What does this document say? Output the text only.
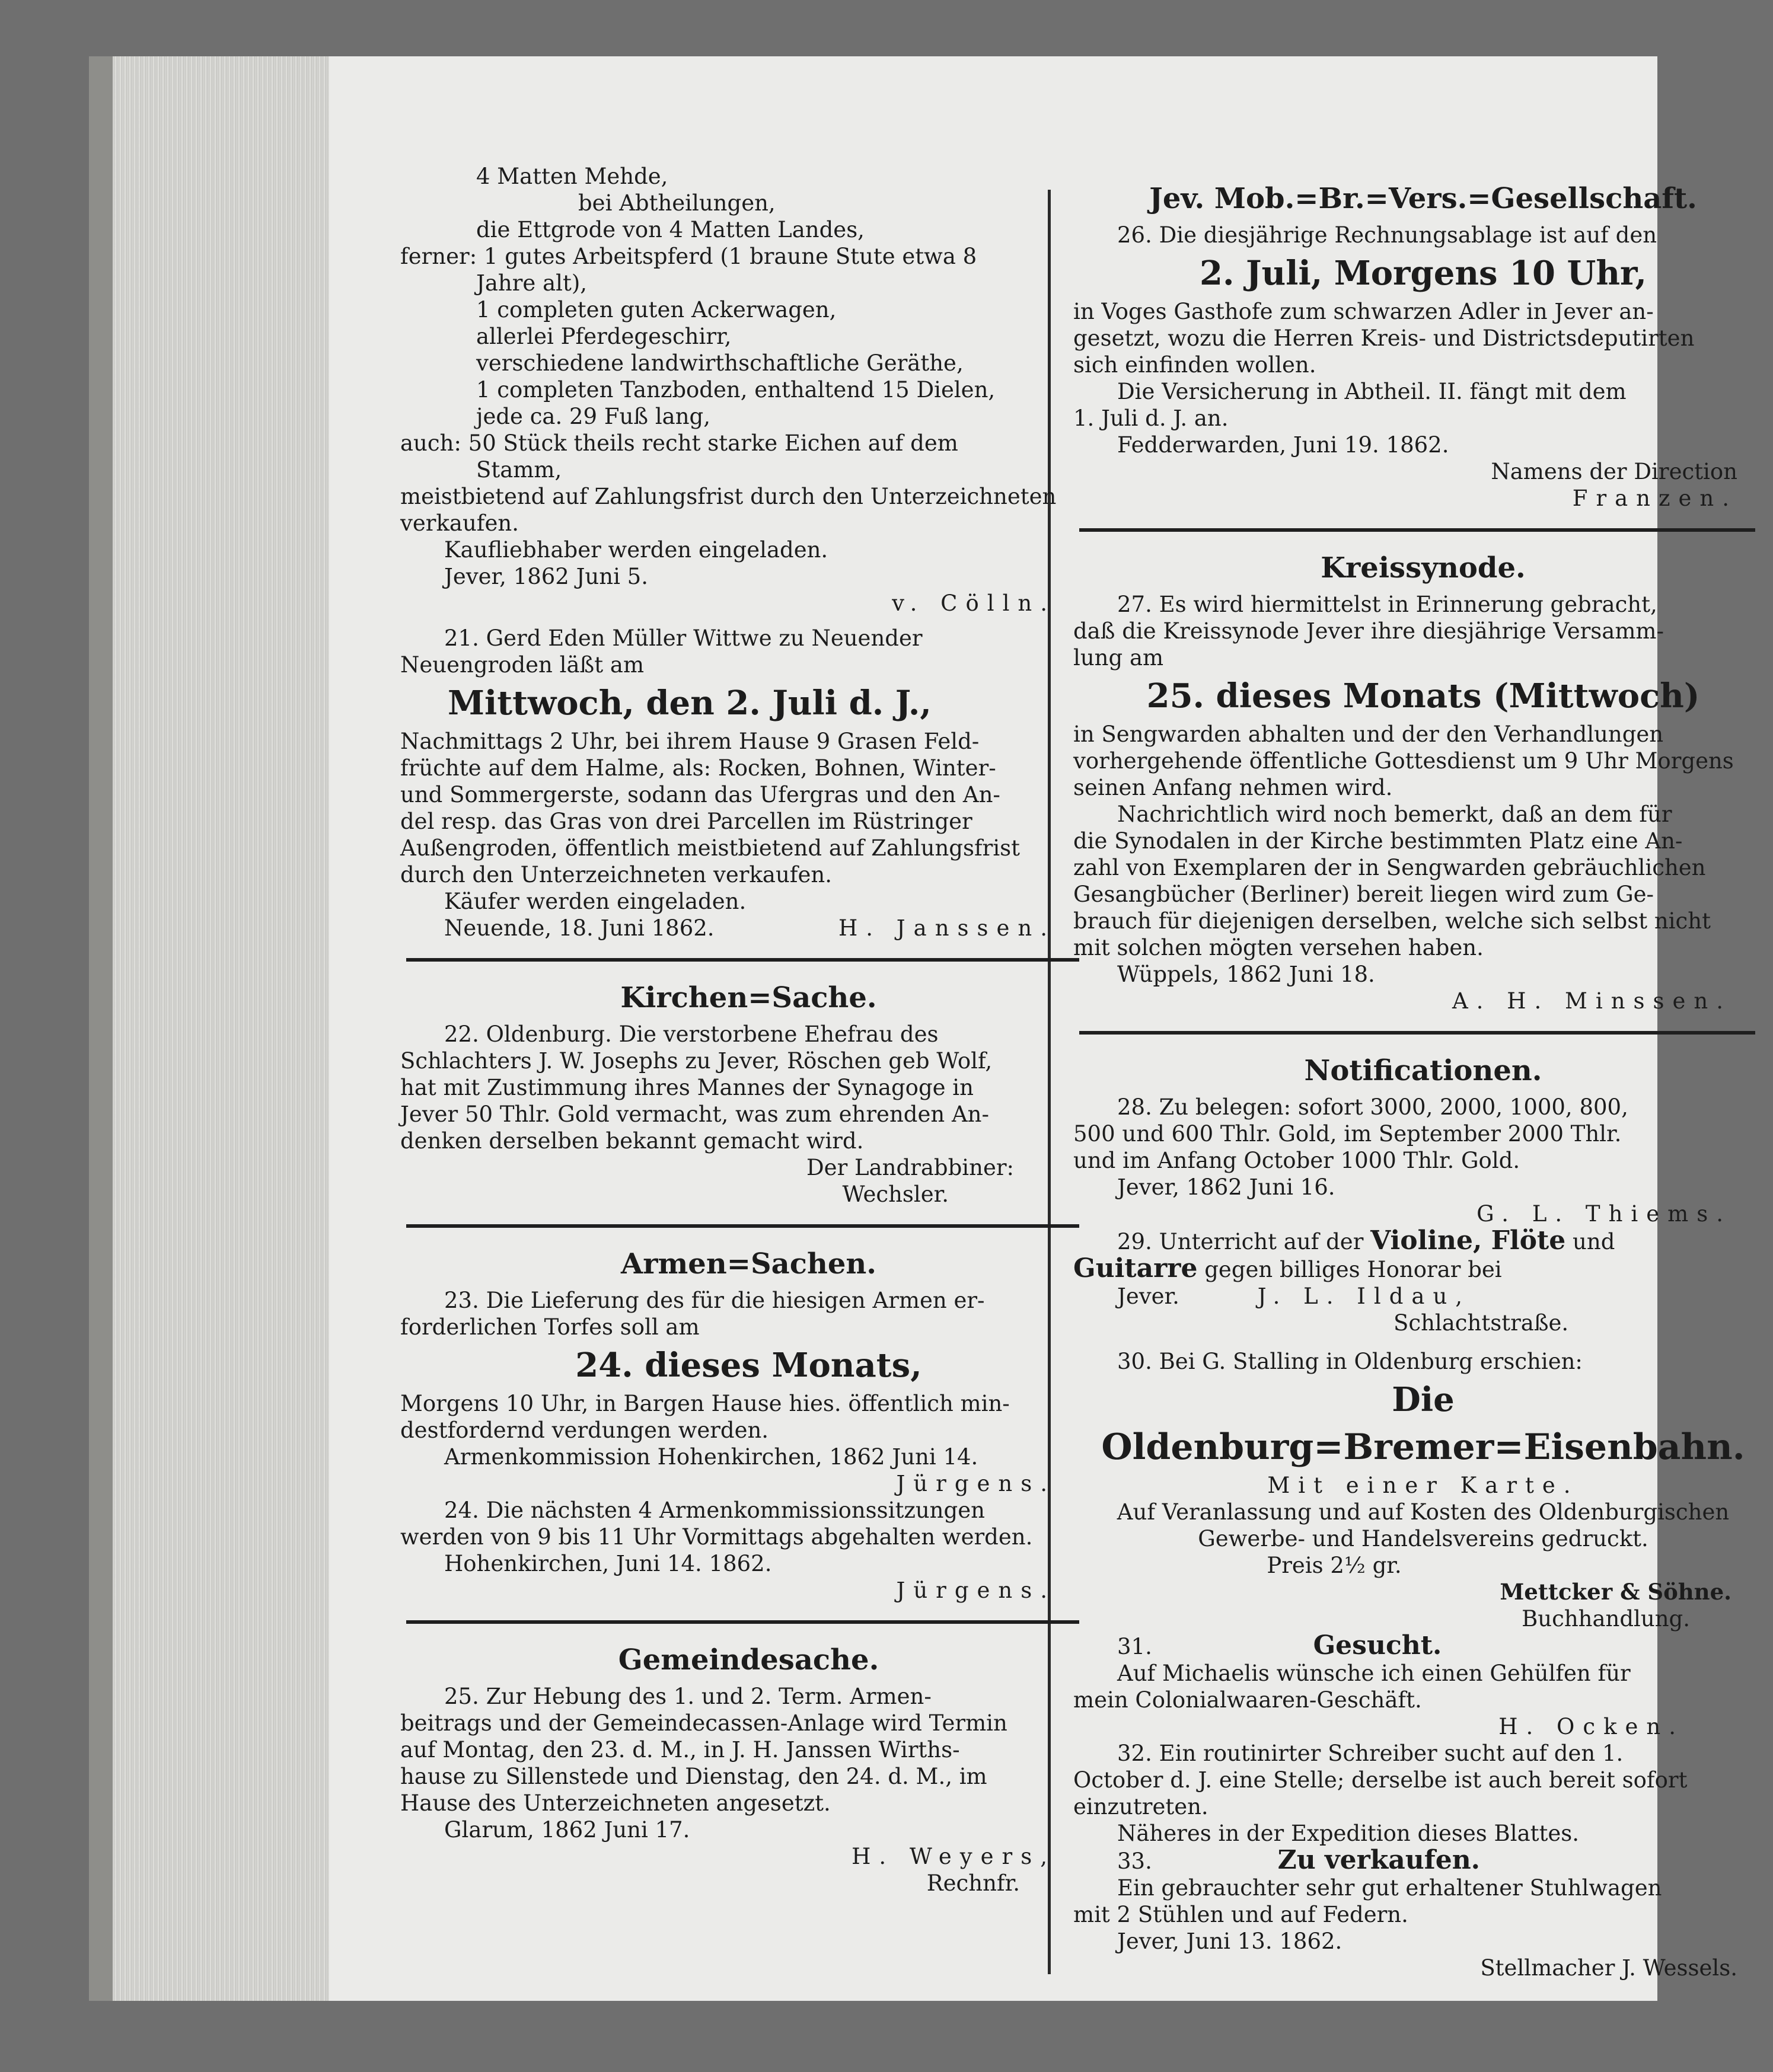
4 Matten Mehde,

bei Abtheilungen,

die Ettgrode von 4 Matten Landes,

ferner: 1 gutes Arbeitspferd (1 braune Stute etwa 8

Jahre alt),

1 completen guten Ackerwagen,

allerlei Pferdegeschirr,

verschiedene landwirthschaftliche Geräthe,

1 completen Tanzboden, enthaltend 15 Dielen,

jede ca. 29 Fuß lang,

auch: 50 Stück theils recht starke Eichen auf dem

Stamm,

meistbietend auf Zahlungsfrist durch den Unterzeichneten

verkaufen.

Kaufliebhaber werden eingeladen.

Jever, 1862 Juni 5.

v. Cölln.

21. Gerd Eden Müller Wittwe zu Neuender

Neuengroden läßt am

Mittwoch, den 2. Juli d. J.,

Nachmittags 2 Uhr, bei ihrem Hause 9 Grasen Feld-

früchte auf dem Halme, als: Rocken, Bohnen, Winter-

und Sommergerste, sodann das Ufergras und den An-

del resp. das Gras von drei Parcellen im Rüstringer

Außengroden, öffentlich meistbietend auf Zahlungsfrist

durch den Unterzeichneten verkaufen.

Käufer werden eingeladen.

Neuende, 18. Juni 1862.	H. Janssen.

Kirchen=Sache.

22. Oldenburg. Die verstorbene Ehefrau des

Schlachters J. W. Josephs zu Jever, Röschen geb Wolf,

hat mit Zustimmung ihres Mannes der Synagoge in

Jever 50 Thlr. Gold vermacht, was zum ehrenden An-

denken derselben bekannt gemacht wird.

Der Landrabbiner:

Wechsler.

Armen=Sachen.

23. Die Lieferung des für die hiesigen Armen er-

forderlichen Torfes soll am

24. dieses Monats,

Morgens 10 Uhr, in Bargen Hause hies. öffentlich min-

destfordernd verdungen werden.

Armenkommission Hohenkirchen, 1862 Juni 14.

Jürgens.

24. Die nächsten 4 Armenkommissionssitzungen

werden von 9 bis 11 Uhr Vormittags abgehalten werden.

Hohenkirchen, Juni 14. 1862.

Jürgens.

Gemeindesache.

25. Zur Hebung des 1. und 2. Term. Armen-

beitrags und der Gemeindecassen-Anlage wird Termin

auf Montag, den 23. d. M., in J. H. Janssen Wirths-

hause zu Sillenstede und Dienstag, den 24. d. M., im

Hause des Unterzeichneten angesetzt.

Glarum, 1862 Juni 17.

H. Weyers,

Rechnfr.

Jev. Mob.=Br.=Vers.=Gesellschaft.

26. Die diesjährige Rechnungsablage ist auf den

2. Juli, Morgens 10 Uhr,

in Voges Gasthofe zum schwarzen Adler in Jever an-

gesetzt, wozu die Herren Kreis- und Districtsdeputirten

sich einfinden wollen.

Die Versicherung in Abtheil. II. fängt mit dem

1. Juli d. J. an.

Fedderwarden, Juni 19. 1862.

Namens der Direction

Franzen.

Kreissynode.

27. Es wird hiermittelst in Erinnerung gebracht,

daß die Kreissynode Jever ihre diesjährige Versamm-

lung am

25. dieses Monats (Mittwoch)

in Sengwarden abhalten und der den Verhandlungen

vorhergehende öffentliche Gottesdienst um 9 Uhr Morgens

seinen Anfang nehmen wird.

Nachrichtlich wird noch bemerkt, daß an dem für

die Synodalen in der Kirche bestimmten Platz eine An-

zahl von Exemplaren der in Sengwarden gebräuchlichen

Gesangbücher (Berliner) bereit liegen wird zum Ge-

brauch für diejenigen derselben, welche sich selbst nicht

mit solchen mögten versehen haben.

Wüppels, 1862 Juni 18.

A. H. Minssen.

Notificationen.

28. Zu belegen: sofort 3000, 2000, 1000, 800,

500 und 600 Thlr. Gold, im September 2000 Thlr.

und im Anfang October 1000 Thlr. Gold.

Jever, 1862 Juni 16.

G. L. Thiems.

29. Unterricht auf der Violine, Flöte und

Guitarre gegen billiges Honorar bei

Jever.	J. L. Ildau,

Schlachtstraße.

30. Bei G. Stalling in Oldenburg erschien:

Die

Oldenburg=Bremer=Eisenbahn.

Mit einer Karte.

Auf Veranlassung und auf Kosten des Oldenburgischen

Gewerbe- und Handelsvereins gedruckt.

Preis 2½ gr.

Mettcker & Söhne.

Buchhandlung.

31.	Gesucht.

Auf Michaelis wünsche ich einen Gehülfen für

mein Colonialwaaren-Geschäft.

H. Ocken.

32. Ein routinirter Schreiber sucht auf den 1.

October d. J. eine Stelle; derselbe ist auch bereit sofort

einzutreten.

Näheres in der Expedition dieses Blattes.

33.	Zu verkaufen.

Ein gebrauchter sehr gut erhaltener Stuhlwagen

mit 2 Stühlen und auf Federn.

Jever, Juni 13. 1862.

Stellmacher J. Wessels.
